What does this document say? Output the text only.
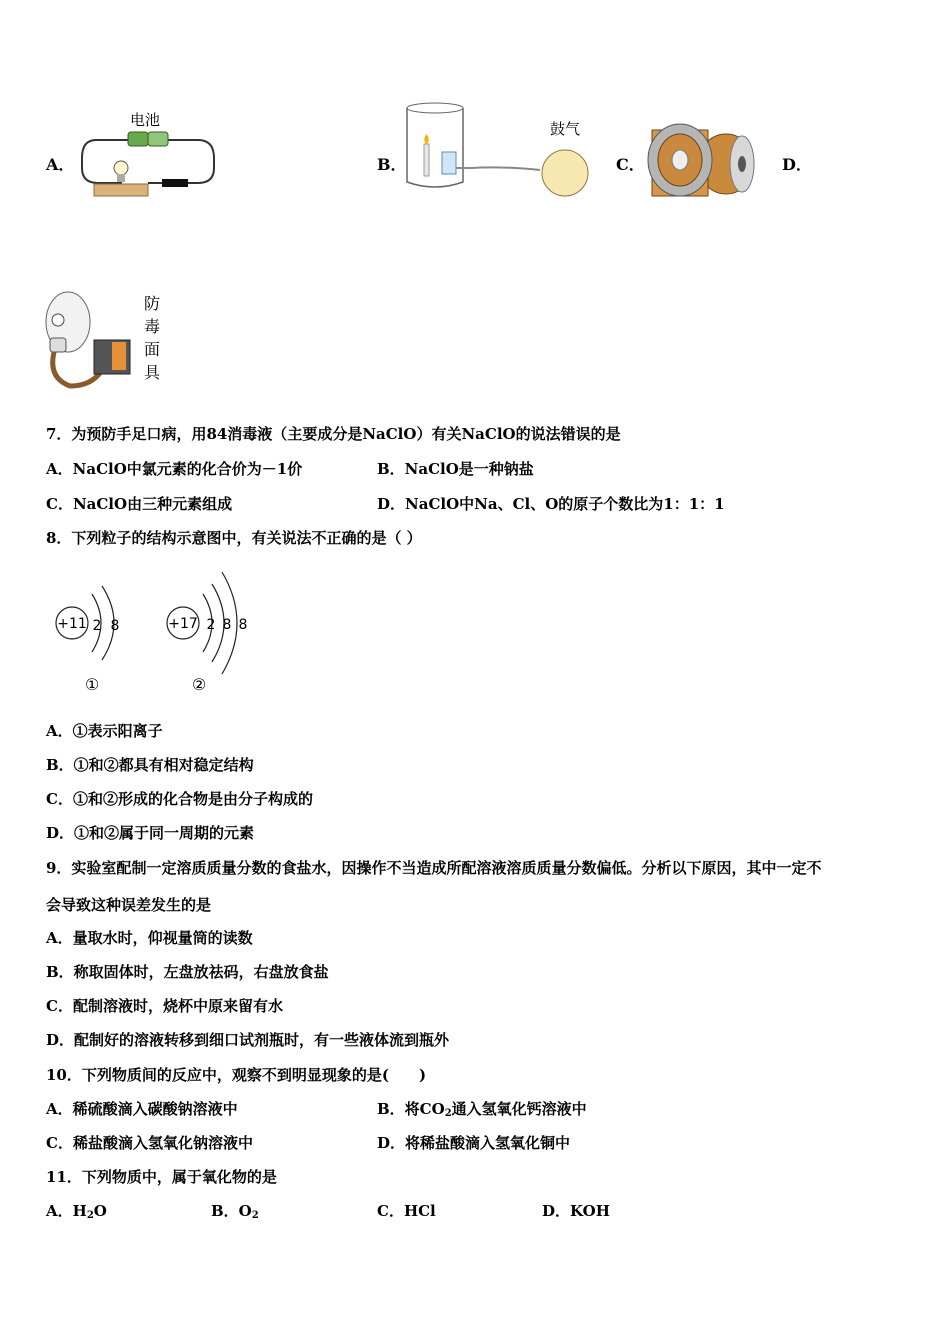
A．
电池
B．
鼓气
C．	D．
防
毒
面
具
7．为预防手足口病，用84消毒液（主要成分是NaClO）有关NaClO的说法错误的是
A．NaClO中氯元素的化合价为－1价	B．NaClO是一种钠盐
C．NaClO由三种元素组成	D．NaClO中Na、Cl、O的原子个数比为1：1：1
8．下列粒子的结构示意图中，有关说法不正确的是（ ）
+11 2 8
①
+17 2 8 8
②
A．①表示阳离子
B．①和②都具有相对稳定结构
C．①和②形成的化合物是由分子构成的
D．①和②属于同一周期的元素
9．实验室配制一定溶质质量分数的食盐水，因操作不当造成所配溶液溶质质量分数偏低。分析以下原因，其中一定不
会导致这种误差发生的是
A．量取水时，仰视量筒的读数
B．称取固体时，左盘放祛码，右盘放食盐
C．配制溶液时，烧杯中原来留有水
D．配制好的溶液转移到细口试剂瓶时，有一些液体流到瓶外
10．下列物质间的反应中，观察不到明显现象的是(　　)
A．稀硫酸滴入碳酸钠溶液中	B．将$CO_2$通入氢氧化钙溶液中
C．稀盐酸滴入氢氧化钠溶液中	D．将稀盐酸滴入氢氧化铜中
11．下列物质中，属于氧化物的是
A．$H_2O$	B．$O_2$	C．HCl	D．KOH
